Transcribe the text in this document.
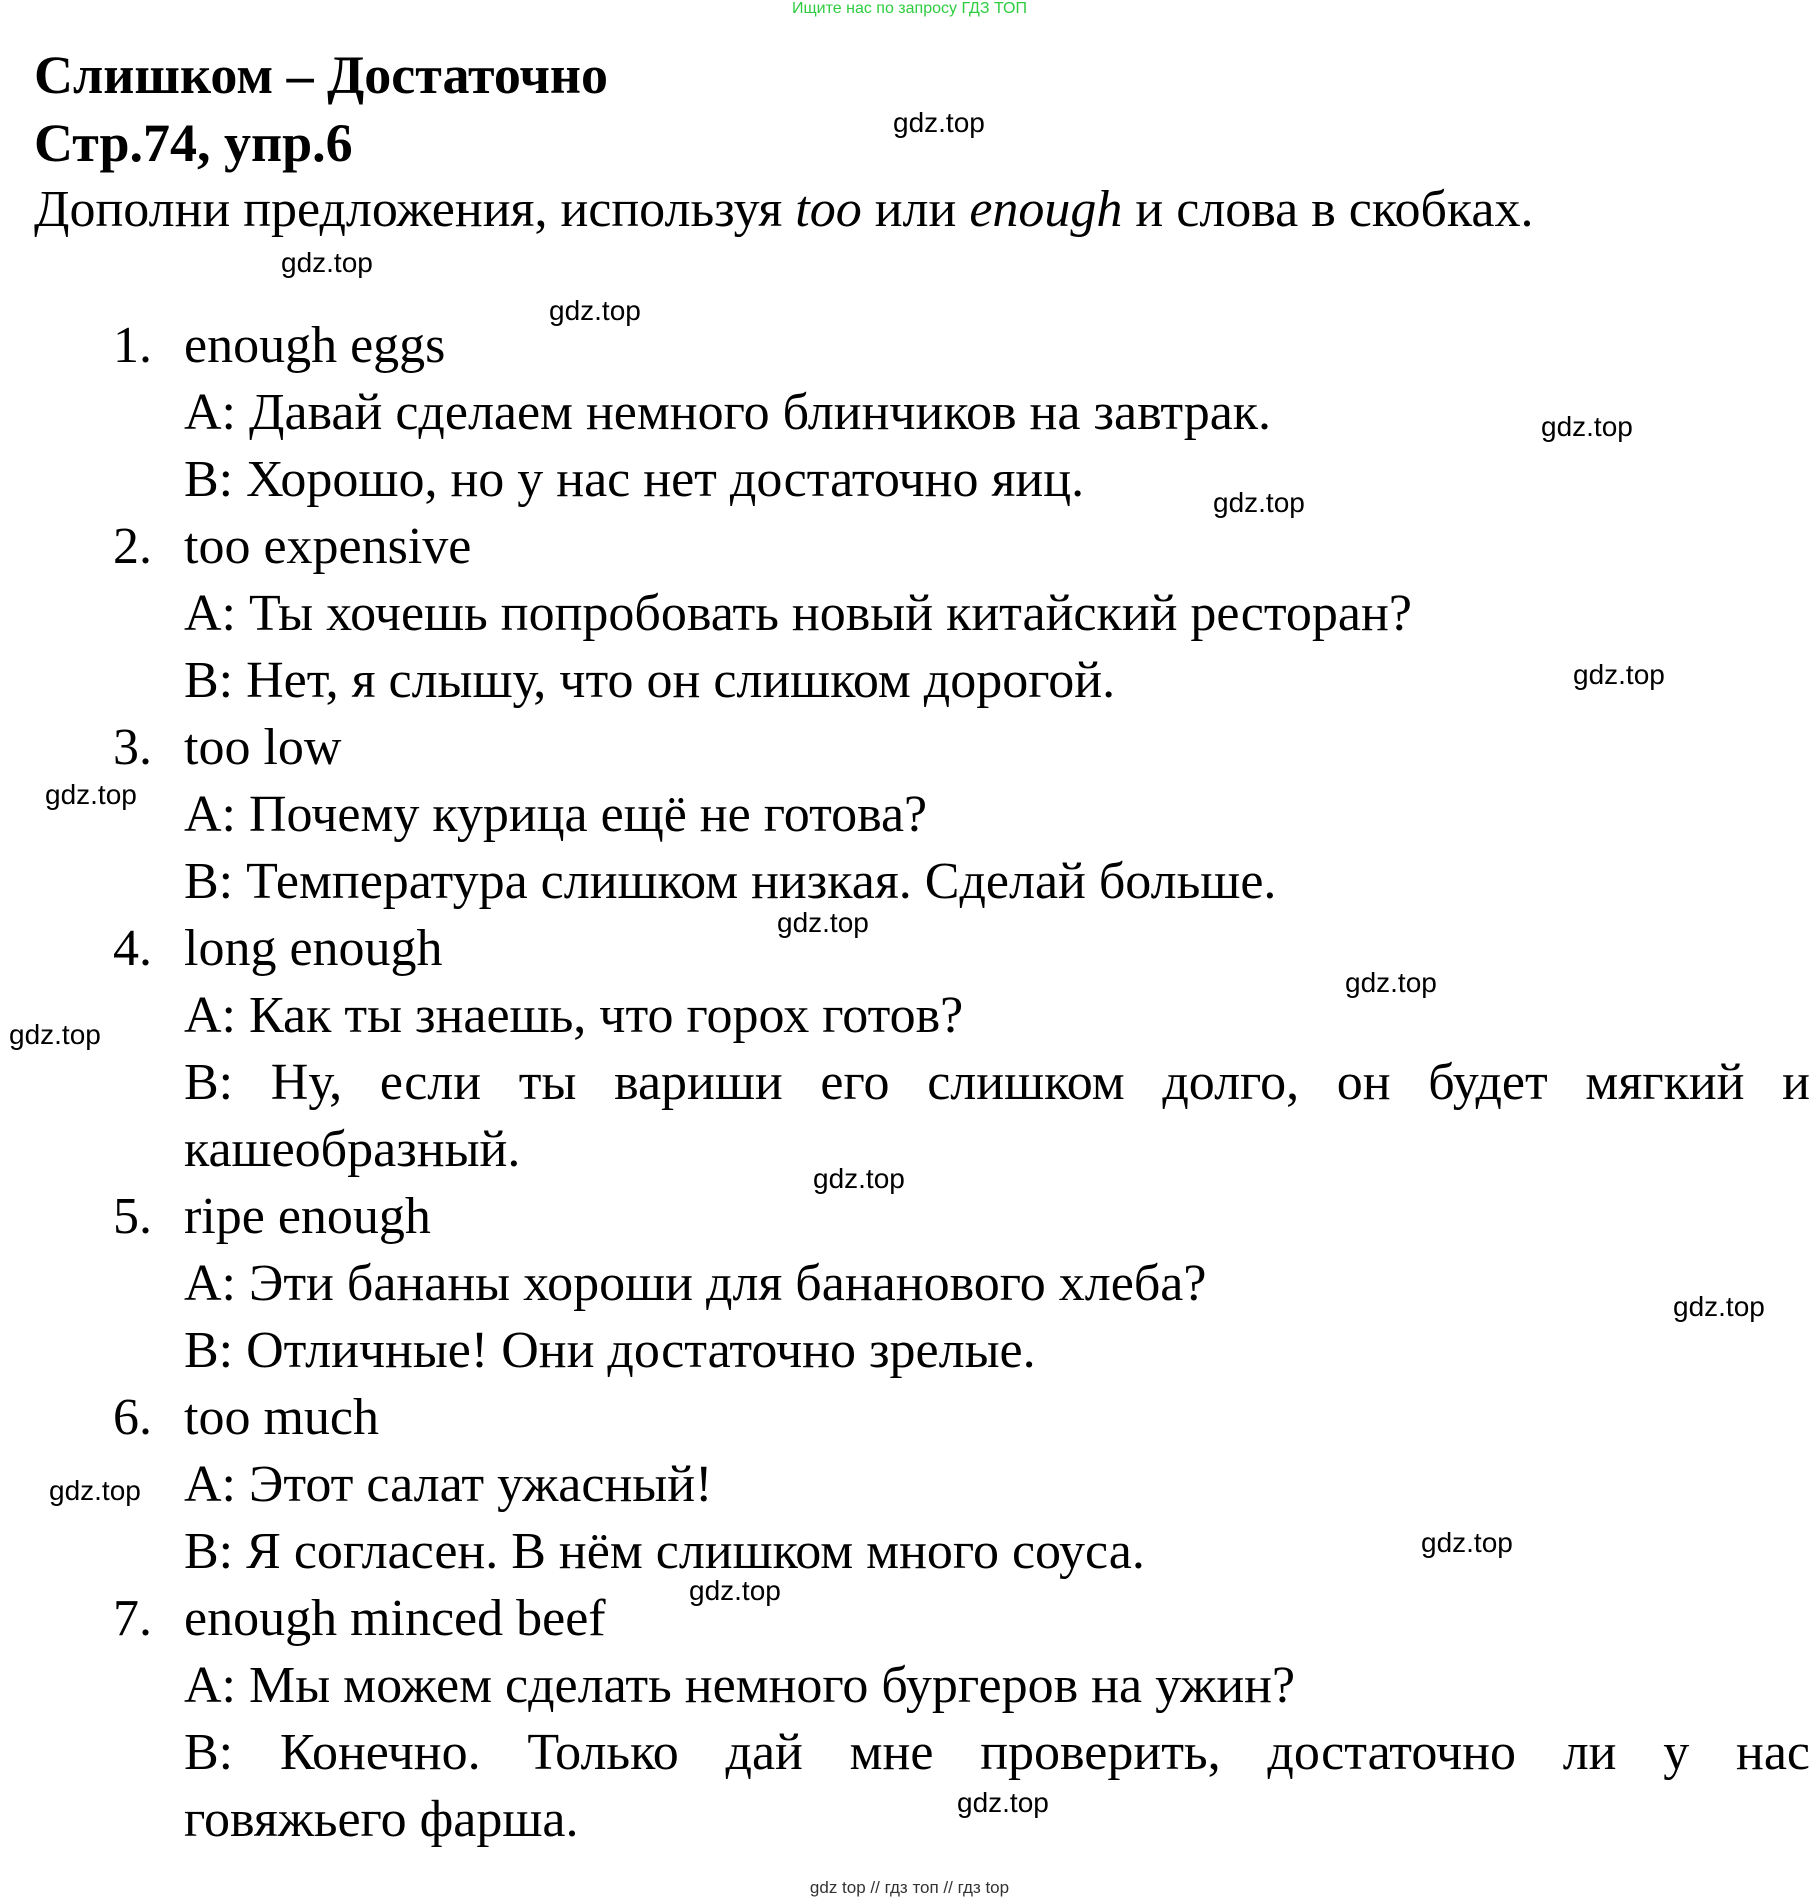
Ищите нас по запросу ГДЗ ТОП
Слишком – Достаточно
Стр.74, упр.6
Дополни предложения, используя too или enough и слова в скобках.
1. enough eggs
A: Давай сделаем немного блинчиков на завтрак.
B: Хорошо, но у нас нет достаточно яиц.
2. too expensive
A: Ты хочешь попробовать новый китайский ресторан?
B: Нет, я слышу, что он слишком дорогой.
3. too low
A: Почему курица ещё не готова?
B: Температура слишком низкая. Сделай больше.
4. long enough
A: Как ты знаешь, что горох готов?
B: Ну, если ты вариши его слишком долго, он будет мягкий и
кашеобразный.
5. ripe enough
A: Эти бананы хороши для бананового хлеба?
B: Отличные! Они достаточно зрелые.
6. too much
A: Этот салат ужасный!
B: Я согласен. В нём слишком много соуса.
7. enough minced beef
A: Мы можем сделать немного бургеров на ужин?
B: Конечно. Только дай мне проверить, достаточно ли у нас
говяжьего фарша.
gdz.top
gdz.top
gdz.top
gdz.top
gdz.top
gdz.top
gdz.top
gdz.top
gdz.top
gdz.top
gdz.top
gdz.top
gdz.top
gdz.top
gdz.top
gdz.top
gdz top // гдз топ // гдз top
